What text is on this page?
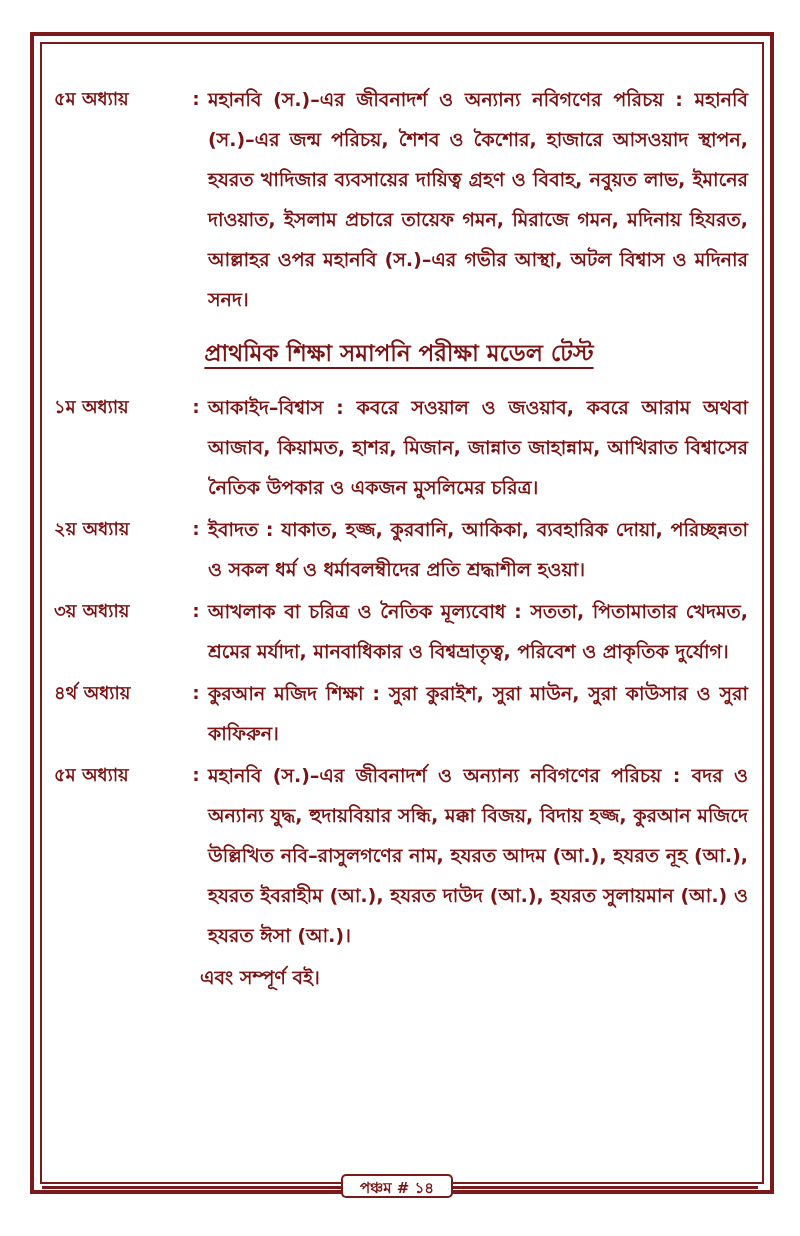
৫ম অধ্যায়	: মহানবি (স.)–এর জীবনাদর্শ ও অন্যান্য নবিগণের পরিচয় : মহানবি (স.)–এর জন্ম পরিচয়, শৈশব ও কৈশোর, হাজারে আসওয়াদ স্থাপন, হযরত খাদিজার ব্যবসায়ের দায়িত্ব গ্রহণ ও বিবাহ, নবুয়ত লাভ, ইমানের দাওয়াত, ইসলাম প্রচারে তায়েফ গমন, মিরাজে গমন, মদিনায় হিযরত, আল্লাহর ওপর মহানবি (স.)–এর গভীর আস্থা, অটল বিশ্বাস ও মদিনার সনদ।
প্রাথমিক শিক্ষা সমাপনি পরীক্ষা মডেল টেস্ট
১ম অধ্যায়	: আকাইদ–বিশ্বাস : কবরে সওয়াল ও জওয়াব, কবরে আরাম অথবা আজাব, কিয়ামত, হাশর, মিজান, জান্নাত জাহান্নাম, আখিরাত বিশ্বাসের নৈতিক উপকার ও একজন মুসলিমের চরিত্র।
২য় অধ্যায়	: ইবাদত : যাকাত, হজ্জ, কুরবানি, আকিকা, ব্যবহারিক দোয়া, পরিচ্ছন্নতা ও সকল ধর্ম ও ধর্মাবলম্বীদের প্রতি শ্রদ্ধাশীল হওয়া।
৩য় অধ্যায়	: আখলাক বা চরিত্র ও নৈতিক মূল্যবোধ : সততা, পিতামাতার খেদমত, শ্রমের মর্যাদা, মানবাধিকার ও বিশ্বভ্রাতৃত্ব, পরিবেশ ও প্রাকৃতিক দুর্যোগ।
৪র্থ অধ্যায়	: কুরআন মজিদ শিক্ষা : সুরা কুরাইশ, সুরা মাউন, সুরা কাউসার ও সুরা কাফিরুন।
৫ম অধ্যায়	: মহানবি (স.)–এর জীবনাদর্শ ও অন্যান্য নবিগণের পরিচয় : বদর ও অন্যান্য যুদ্ধ, হুদায়বিয়ার সন্ধি, মক্কা বিজয়, বিদায় হজ্জ, কুরআন মজিদে উল্লিখিত নবি–রাসুলগণের নাম, হযরত আদম (আ.), হযরত নূহ (আ.), হযরত ইবরাহীম (আ.), হযরত দাউদ (আ.), হযরত সুলায়মান (আ.) ও হযরত ঈসা (আ.)।
এবং সম্পূর্ণ বই।
পঞ্চম # ১৪
